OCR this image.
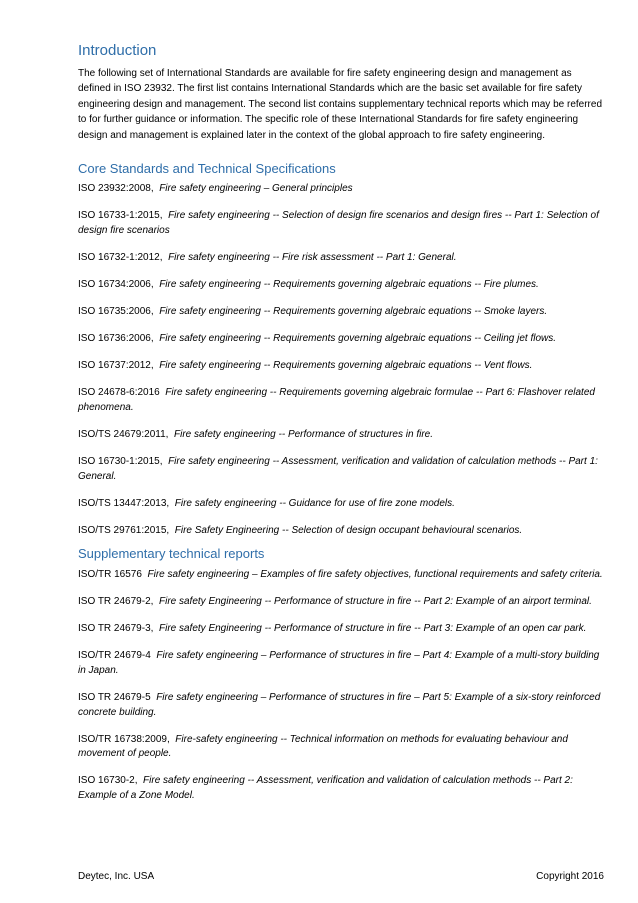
Introduction

The following set of International Standards are available for fire safety engineering design and management as defined in ISO 23932. The first list contains International Standards which are the basic set available for fire safety engineering design and management. The second list contains supplementary technical reports which may be referred to for further guidance or information. The specific role of these International Standards for fire safety engineering design and management is explained later in the context of the global approach to fire safety engineering.

Core Standards and Technical Specifications
ISO 23932:2008, Fire safety engineering – General principles
ISO 16733-1:2015, Fire safety engineering -- Selection of design fire scenarios and design fires -- Part 1: Selection of design fire scenarios
ISO 16732-1:2012, Fire safety engineering -- Fire risk assessment -- Part 1: General.
ISO 16734:2006, Fire safety engineering -- Requirements governing algebraic equations -- Fire plumes.
ISO 16735:2006, Fire safety engineering -- Requirements governing algebraic equations -- Smoke layers.
ISO 16736:2006, Fire safety engineering -- Requirements governing algebraic equations -- Ceiling jet flows.
ISO 16737:2012, Fire safety engineering -- Requirements governing algebraic equations -- Vent flows.
ISO 24678-6:2016 Fire safety engineering -- Requirements governing algebraic formulae -- Part 6: Flashover related phenomena.
ISO/TS 24679:2011, Fire safety engineering -- Performance of structures in fire.
ISO 16730-1:2015, Fire safety engineering -- Assessment, verification and validation of calculation methods -- Part 1: General.
ISO/TS 13447:2013, Fire safety engineering -- Guidance for use of fire zone models.
ISO/TS 29761:2015, Fire Safety Engineering -- Selection of design occupant behavioural scenarios.
Supplementary technical reports
ISO/TR 16576 Fire safety engineering – Examples of fire safety objectives, functional requirements and safety criteria.
ISO TR 24679-2, Fire safety Engineering -- Performance of structure in fire -- Part 2: Example of an airport terminal.
ISO TR 24679-3, Fire safety Engineering -- Performance of structure in fire -- Part 3: Example of an open car park.
ISO/TR 24679-4 Fire safety engineering – Performance of structures in fire – Part 4: Example of a multi-story building in Japan.
ISO TR 24679-5 Fire safety engineering – Performance of structures in fire – Part 5: Example of a six-story reinforced concrete building.
ISO/TR 16738:2009, Fire-safety engineering -- Technical information on methods for evaluating behaviour and movement of people.
ISO 16730-2, Fire safety engineering -- Assessment, verification and validation of calculation methods -- Part 2: Example of a Zone Model.
Deytec, Inc. USA	Copyright 2016
